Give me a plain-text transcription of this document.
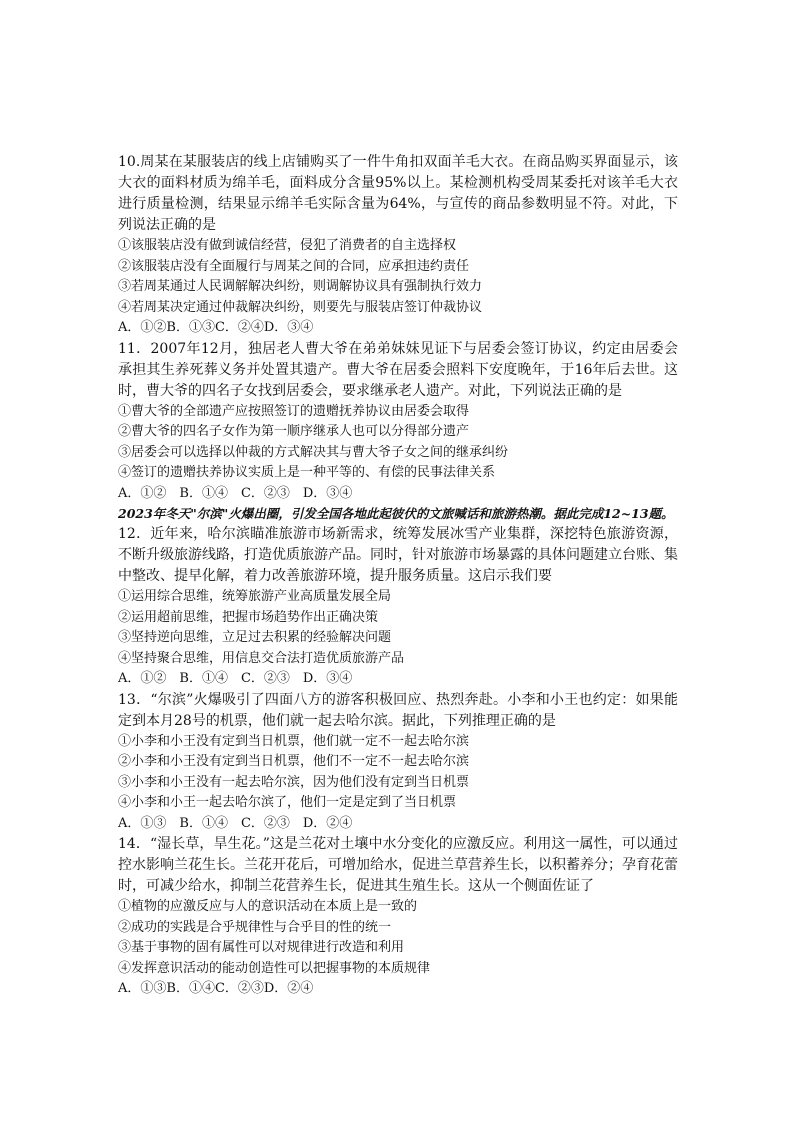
10.周某在某服装店的线上店铺购买了一件牛角扣双面羊毛大衣。在商品购买界面显示，该大衣的面料材质为绵羊毛，面料成分含量95%以上。某检测机构受周某委托对该羊毛大衣进行质量检测，结果显示绵羊毛实际含量为64%，与宣传的商品参数明显不符。对此，下列说法正确的是

①该服装店没有做到诚信经营，侵犯了消费者的自主选择权

②该服装店没有全面履行与周某之间的合同，应承担违约责任

③若周某通过人民调解解决纠纷，则调解协议具有强制执行效力

④若周某决定通过仲裁解决纠纷，则要先与服装店签订仲裁协议

A．①②B．①③C．②④D．③④

11．2007年12月，独居老人曹大爷在弟弟妹妹见证下与居委会签订协议，约定由居委会承担其生养死葬义务并处置其遗产。曹大爷在居委会照料下安度晚年，于16年后去世。这时，曹大爷的四名子女找到居委会，要求继承老人遗产。对此，下列说法正确的是

①曹大爷的全部遗产应按照签订的遗赠抚养协议由居委会取得

②曹大爷的四名子女作为第一顺序继承人也可以分得部分遗产

③居委会可以选择以仲裁的方式解决其与曹大爷子女之间的继承纠纷

④签订的遗赠扶养协议实质上是一种平等的、有偿的民事法律关系

A．①②　B．①④　C．②③　D．③④

2023年冬天"尔滨"火爆出圈，引发全国各地此起彼伏的文旅喊话和旅游热潮。据此完成12~13题。

12．近年来，哈尔滨瞄准旅游市场新需求，统筹发展冰雪产业集群，深挖特色旅游资源，不断升级旅游线路，打造优质旅游产品。同时，针对旅游市场暴露的具体问题建立台账、集中整改、提早化解，着力改善旅游环境，提升服务质量。这启示我们要

①运用综合思维，统筹旅游产业高质量发展全局

②运用超前思维，把握市场趋势作出正确决策

③坚持逆向思维，立足过去积累的经验解决问题

④坚持聚合思维，用信息交合法打造优质旅游产品

A．①②　B．①④　C．②③　D．③④

13．“尔滨”火爆吸引了四面八方的游客积极回应、热烈奔赴。小李和小王也约定：如果能定到本月28号的机票，他们就一起去哈尔滨。据此，下列推理正确的是

①小李和小王没有定到当日机票，他们就一定不一起去哈尔滨

②小李和小王没有定到当日机票，他们不一定不一起去哈尔滨

③小李和小王没有一起去哈尔滨，因为他们没有定到当日机票

④小李和小王一起去哈尔滨了，他们一定是定到了当日机票

A．①③　B．①④　C．②③　D．②④

14．“湿长草，旱生花。”这是兰花对土壤中水分变化的应激反应。利用这一属性，可以通过控水影响兰花生长。兰花开花后，可增加给水，促进兰草营养生长，以积蓄养分；孕育花蕾时，可减少给水，抑制兰花营养生长，促进其生殖生长。这从一个侧面佐证了

①植物的应激反应与人的意识活动在本质上是一致的

②成功的实践是合乎规律性与合乎目的性的统一

③基于事物的固有属性可以对规律进行改造和利用

④发挥意识活动的能动创造性可以把握事物的本质规律

A．①③B．①④C．②③D．②④
